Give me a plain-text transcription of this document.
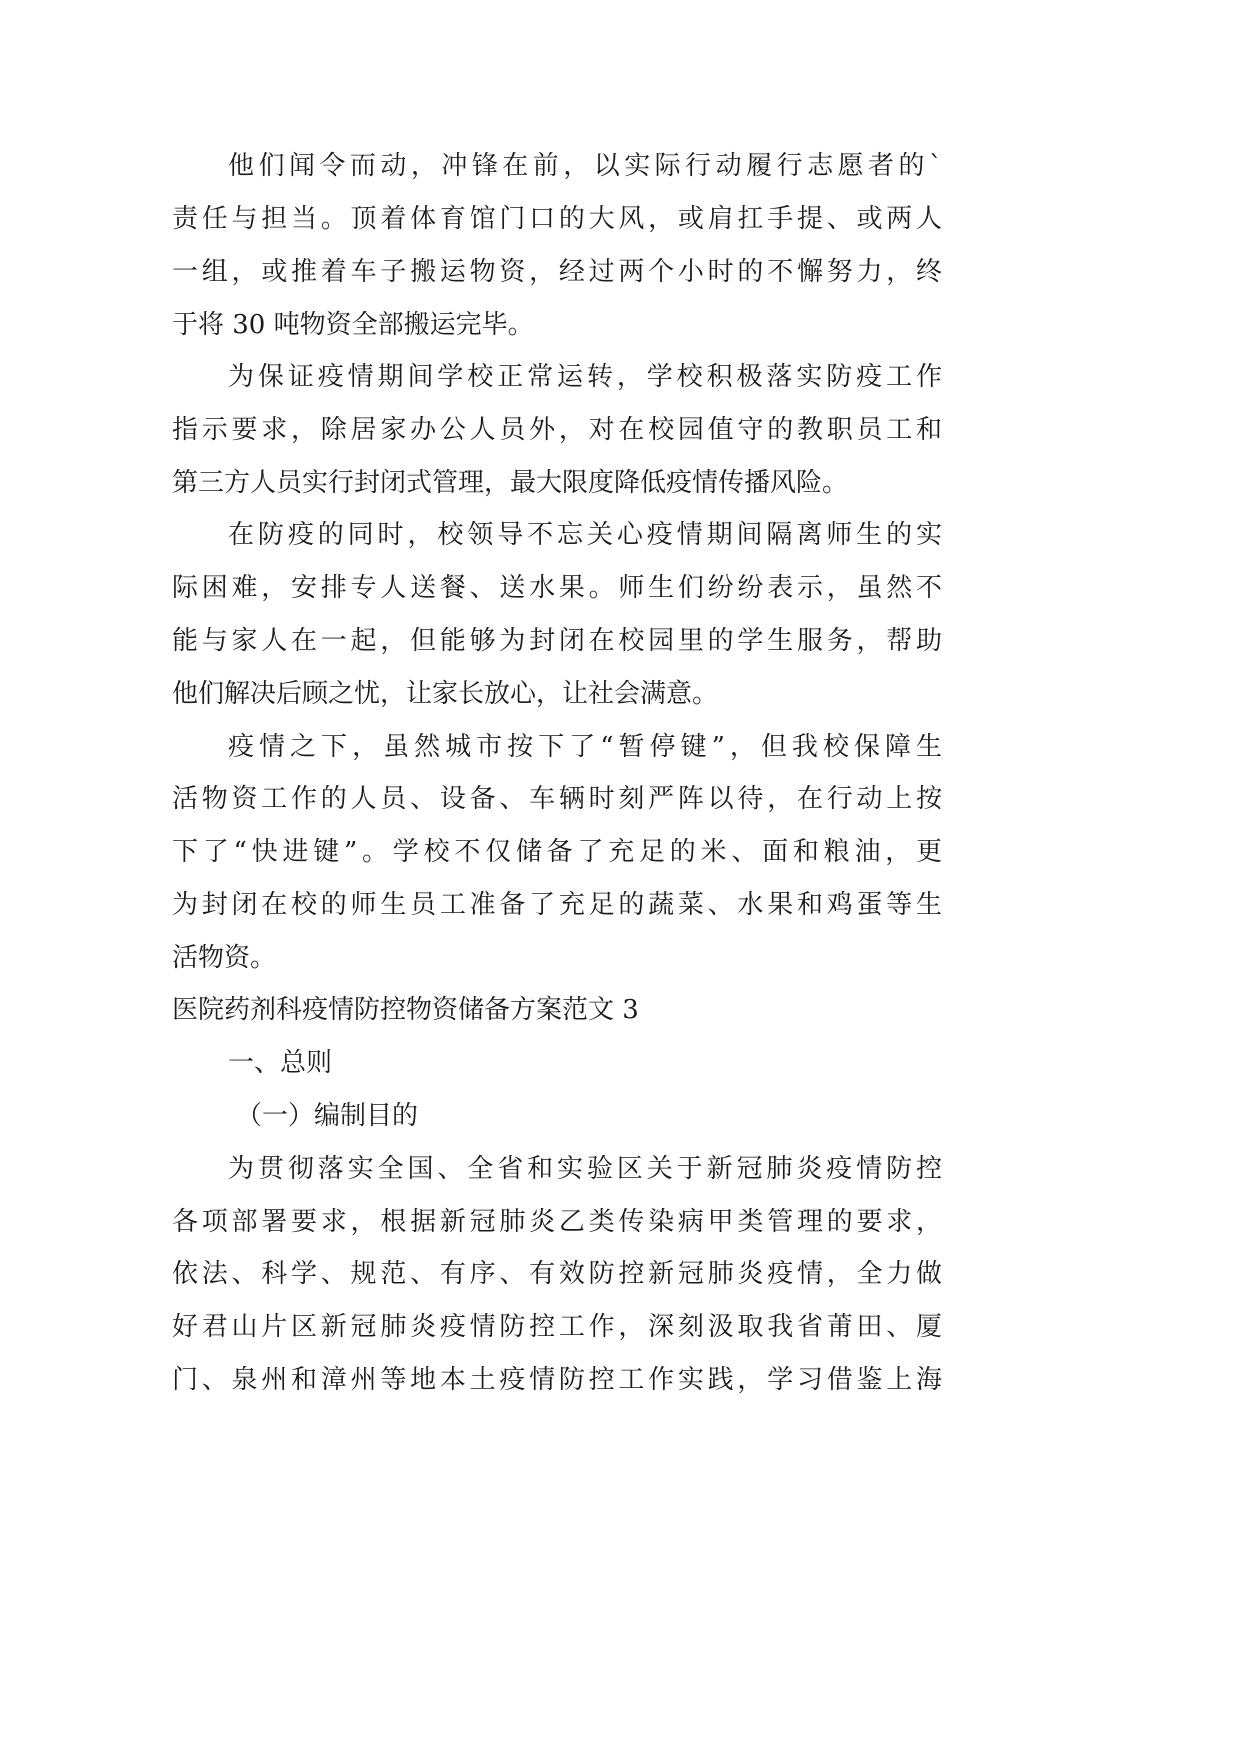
他们闻令而动，冲锋在前，以实际行动履行志愿者的`
责任与担当。顶着体育馆门口的大风，或肩扛手提、或两人
一组，或推着车子搬运物资，经过两个小时的不懈努力，终
于将 30 吨物资全部搬运完毕。
为保证疫情期间学校正常运转，学校积极落实防疫工作
指示要求，除居家办公人员外，对在校园值守的教职员工和
第三方人员实行封闭式管理，最大限度降低疫情传播风险。
在防疫的同时，校领导不忘关心疫情期间隔离师生的实
际困难，安排专人送餐、送水果。师生们纷纷表示，虽然不
能与家人在一起，但能够为封闭在校园里的学生服务，帮助
他们解决后顾之忧，让家长放心，让社会满意。
疫情之下，虽然城市按下了“暂停键”，但我校保障生
活物资工作的人员、设备、车辆时刻严阵以待，在行动上按
下了“快进键”。学校不仅储备了充足的米、面和粮油，更
为封闭在校的师生员工准备了充足的蔬菜、水果和鸡蛋等生
活物资。
医院药剂科疫情防控物资储备方案范文 3
一、总则
（一）编制目的
为贯彻落实全国、全省和实验区关于新冠肺炎疫情防控
各项部署要求，根据新冠肺炎乙类传染病甲类管理的要求，
依法、科学、规范、有序、有效防控新冠肺炎疫情，全力做
好君山片区新冠肺炎疫情防控工作，深刻汲取我省莆田、厦
门、泉州和漳州等地本土疫情防控工作实践，学习借鉴上海
